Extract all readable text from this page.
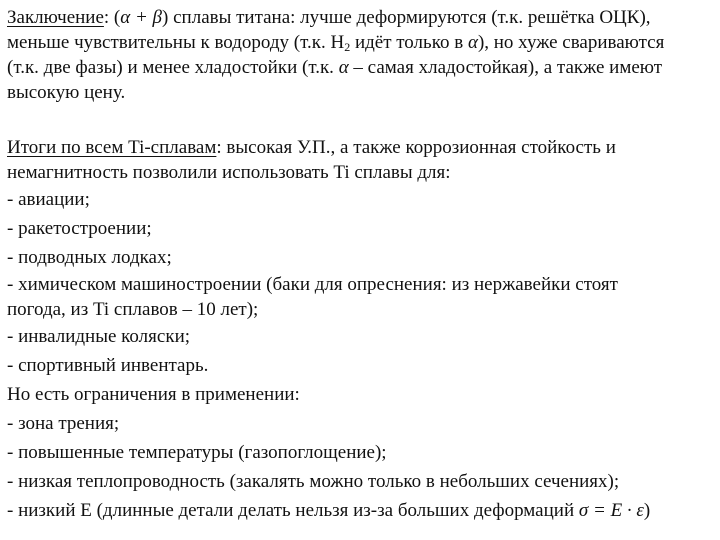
Заключение: (α + β) сплавы титана: лучше деформируются (т.к. решётка ОЦК),
меньше чувствительны к водороду (т.к. $H_2$ идёт только в α), но хуже свариваются
(т.к. две фазы) и менее хладостойки (т.к. α – самая хладостойкая), а также имеют
высокую цену.
Итоги по всем Ti-сплавам: высокая У.П., а также коррозионная стойкость и
немагнитность позволили использовать Ti сплавы для:
- авиации;
- ракетостроении;
- подводных лодках;
- химическом машиностроении (баки для опреснения: из нержавейки стоят
погода, из Ti сплавов – 10 лет);
- инвалидные коляски;
- спортивный инвентарь.
Но есть ограничения в применении:
- зона трения;
- повышенные температуры (газопоглощение);
- низкая теплопроводность (закалять можно только в небольших сечениях);
- низкий E (длинные детали делать нельзя из-за больших деформаций σ = E · ε)
